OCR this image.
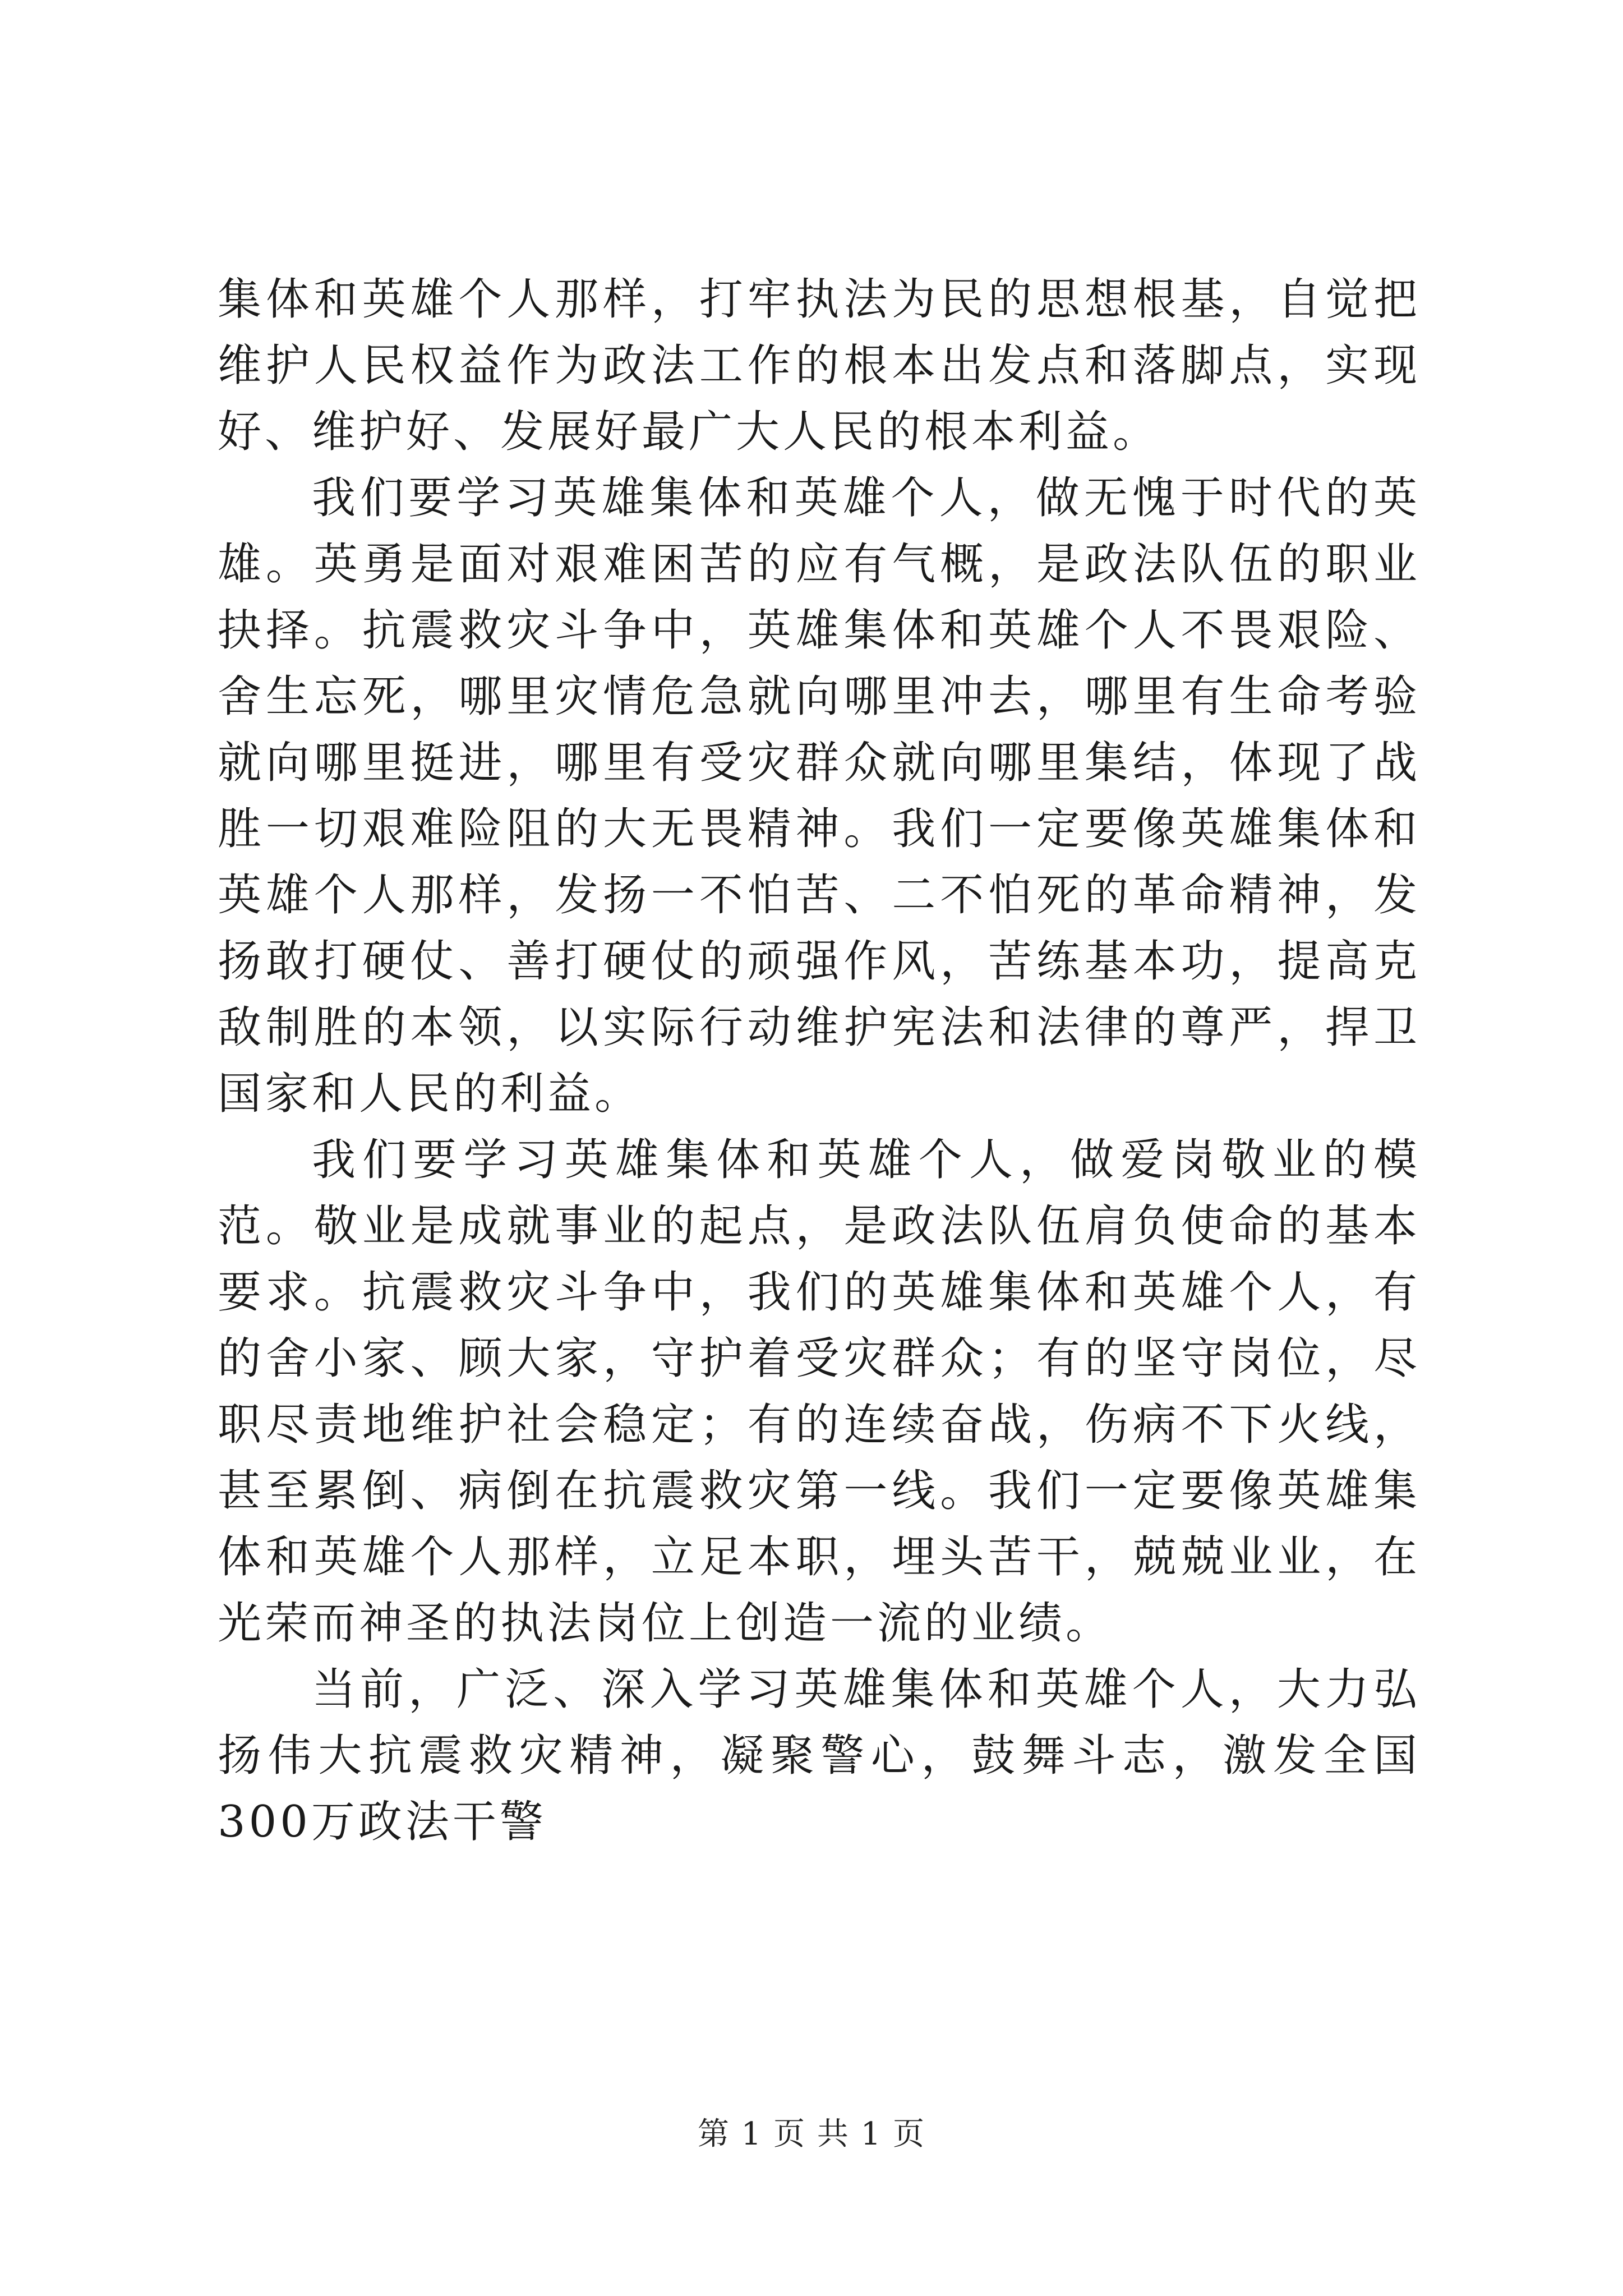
集体和英雄个人那样，打牢执法为民的思想根基，自觉把维护人民权益作为政法工作的根本出发点和落脚点，实现好、维护好、发展好最广大人民的根本利益。

我们要学习英雄集体和英雄个人，做无愧于时代的英雄。英勇是面对艰难困苦的应有气概，是政法队伍的职业抉择。抗震救灾斗争中，英雄集体和英雄个人不畏艰险、舍生忘死，哪里灾情危急就向哪里冲去，哪里有生命考验就向哪里挺进，哪里有受灾群众就向哪里集结，体现了战胜一切艰难险阻的大无畏精神。我们一定要像英雄集体和英雄个人那样，发扬一不怕苦、二不怕死的革命精神，发扬敢打硬仗、善打硬仗的顽强作风，苦练基本功，提高克敌制胜的本领，以实际行动维护宪法和法律的尊严，捍卫国家和人民的利益。

我们要学习英雄集体和英雄个人，做爱岗敬业的模范。敬业是成就事业的起点，是政法队伍肩负使命的基本要求。抗震救灾斗争中，我们的英雄集体和英雄个人，有的舍小家、顾大家，守护着受灾群众；有的坚守岗位，尽职尽责地维护社会稳定；有的连续奋战，伤病不下火线，甚至累倒、病倒在抗震救灾第一线。我们一定要像英雄集体和英雄个人那样，立足本职，埋头苦干，兢兢业业，在光荣而神圣的执法岗位上创造一流的业绩。

当前，广泛、深入学习英雄集体和英雄个人，大力弘扬伟大抗震救灾精神，凝聚警心，鼓舞斗志，激发全国300万政法干警

第 1 页 共 1 页
